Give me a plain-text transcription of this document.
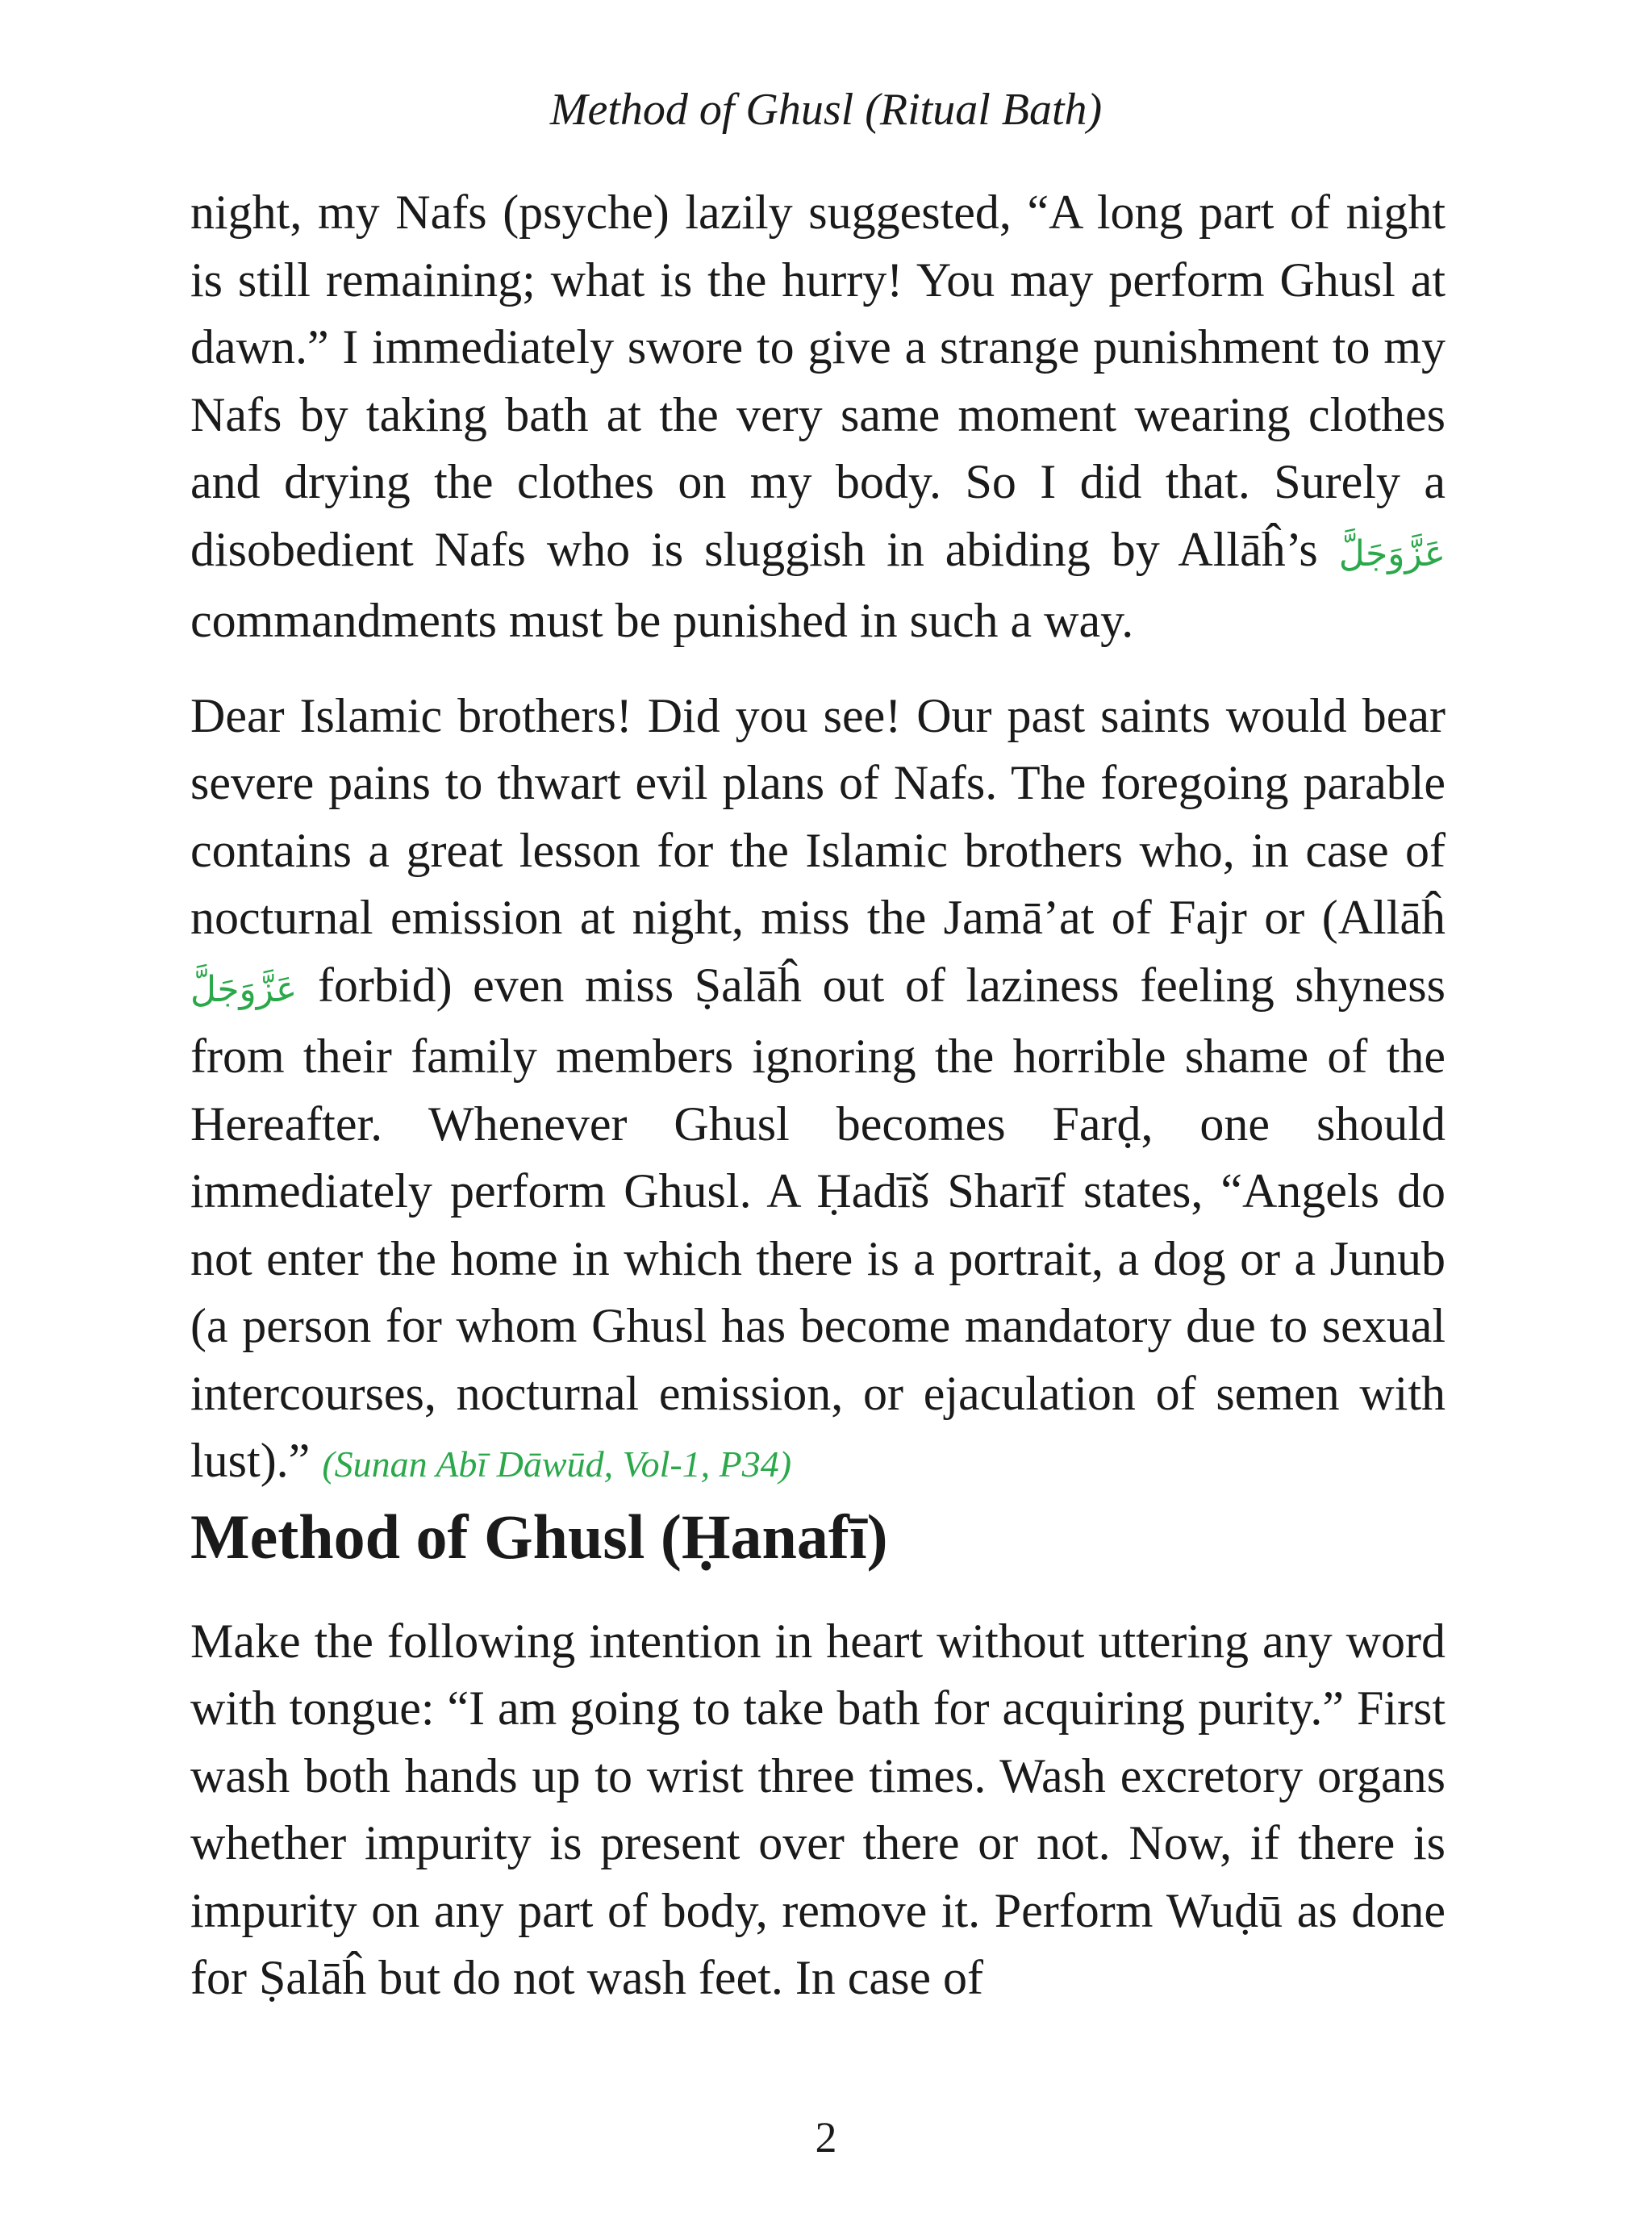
Method of Ghusl (Ritual Bath)

night, my Nafs (psyche) lazily suggested, “A long part of night is still remaining; what is the hurry! You may perform Ghusl at dawn.” I immediately swore to give a strange punishment to my Nafs by taking bath at the very same moment wearing clothes and drying the clothes on my body. So I did that. Surely a disobedient Nafs who is sluggish in abiding by Allāĥ’s عَزَّوَجَلَّ commandments must be punished in such a way.

Dear Islamic brothers! Did you see! Our past saints would bear severe pains to thwart evil plans of Nafs. The foregoing parable contains a great lesson for the Islamic brothers who, in case of nocturnal emission at night, miss the Jamā’at of Fajr or (Allāĥ عَزَّوَجَلَّ forbid) even miss Ṣalāĥ out of laziness feeling shyness from their family members ignoring the horrible shame of the Hereafter. Whenever Ghusl becomes Farḍ, one should immediately perform Ghusl. A Ḥadīš Sharīf states, “Angels do not enter the home in which there is a portrait, a dog or a Junub (a person for whom Ghusl has become mandatory due to sexual intercourses, nocturnal emission, or ejaculation of semen with lust).” (Sunan Abī Dāwūd, Vol-1, P34)

Method of Ghusl (Ḥanafī)

Make the following intention in heart without uttering any word with tongue: “I am going to take bath for acquiring purity.” First wash both hands up to wrist three times. Wash excretory organs whether impurity is present over there or not. Now, if there is impurity on any part of body, remove it. Perform Wuḍū as done for Ṣalāĥ but do not wash feet. In case of

2
